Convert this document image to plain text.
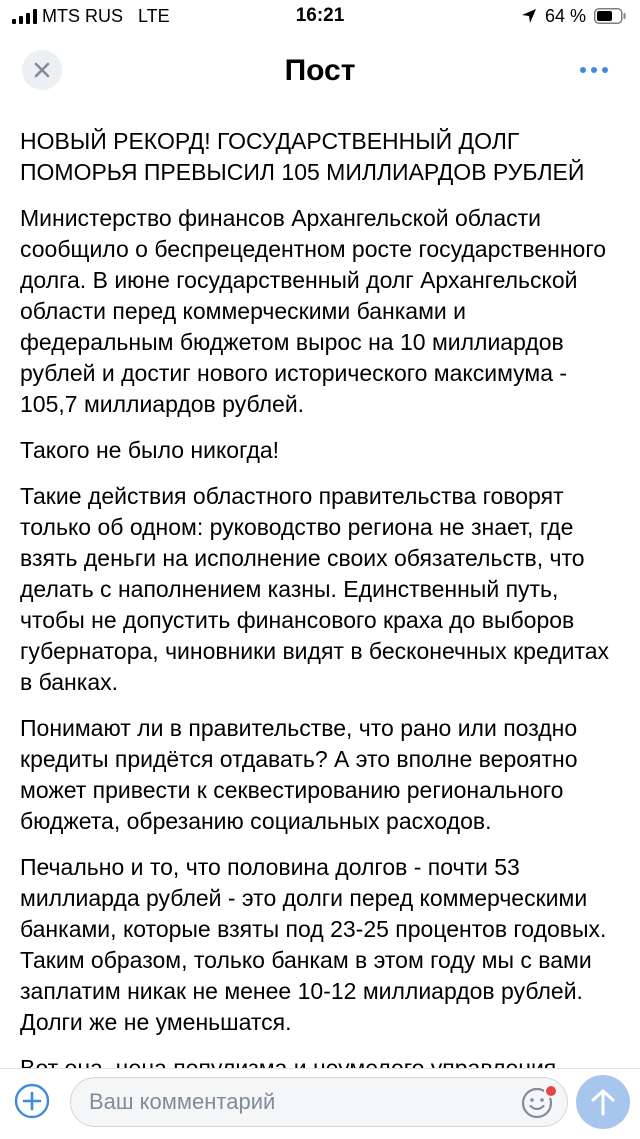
MTS RUS LTE	16:21	64 %
Пост

НОВЫЙ РЕКОРД! ГОСУДАРСТВЕННЫЙ ДОЛГ ПОМОРЬЯ ПРЕВЫСИЛ 105 МИЛЛИАРДОВ РУБЛЕЙ

Министерство финансов Архангельской области сообщило о беспрецедентном росте государственного долга. В июне государственный долг Архангельской области перед коммерческими банками и федеральным бюджетом вырос на 10 миллиардов рублей и достиг нового исторического максимума - 105,7 миллиардов рублей.

Такого не было никогда!

Такие действия областного правительства говорят только об одном: руководство региона не знает, где взять деньги на исполнение своих обязательств, что делать с наполнением казны. Единственный путь, чтобы не допустить финансового краха до выборов губернатора, чиновники видят в бесконечных кредитах в банках.

Понимают ли в правительстве, что рано или поздно кредиты придётся отдавать? А это вполне вероятно может привести к секвестированию регионального бюджета, обрезанию социальных расходов.

Печально и то, что половина долгов - почти 53 миллиарда рублей - это долги перед коммерческими банками, которые взяты под 23-25 процентов годовых. Таким образом, только банкам в этом году мы с вами заплатим никак не менее 10-12 миллиардов рублей. Долги же не уменьшатся.

Ваш комментарий
